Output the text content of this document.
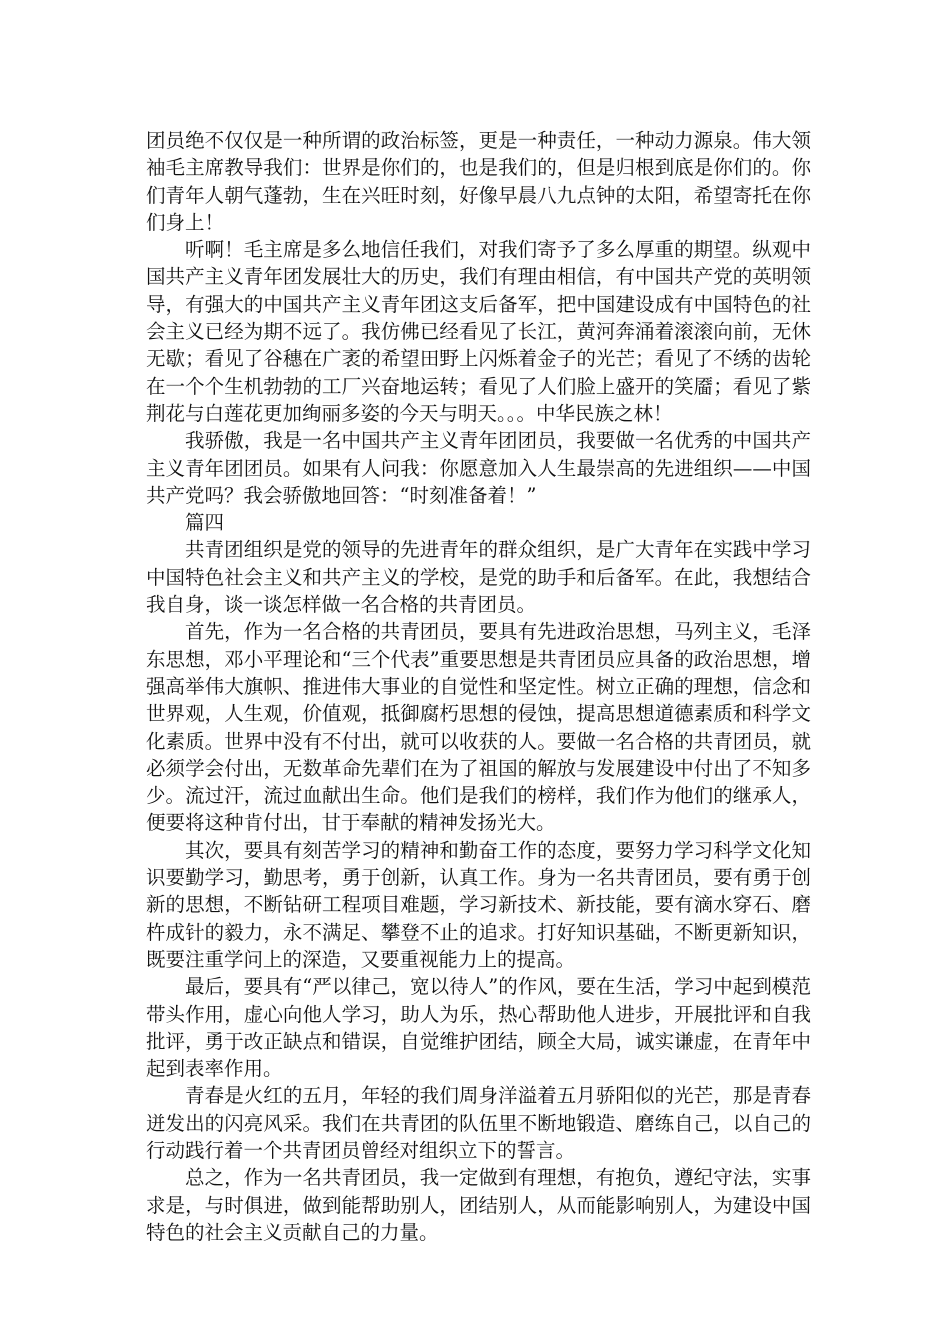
团员绝不仅仅是一种所谓的政治标签，更是一种责任，一种动力源泉。伟大领袖毛主席教导我们：世界是你们的，也是我们的，但是归根到底是你们的。你们青年人朝气蓬勃，生在兴旺时刻，好像早晨八九点钟的太阳，希望寄托在你们身上！

听啊！毛主席是多么地信任我们，对我们寄予了多么厚重的期望。纵观中国共产主义青年团发展壮大的历史，我们有理由相信，有中国共产党的英明领导，有强大的中国共产主义青年团这支后备军，把中国建设成有中国特色的社会主义已经为期不远了。我仿佛已经看见了长江，黄河奔涌着滚滚向前，无休无歇；看见了谷穗在广袤的希望田野上闪烁着金子的光芒；看见了不绣的齿轮在一个个生机勃勃的工厂兴奋地运转；看见了人们脸上盛开的笑靥；看见了紫荆花与白莲花更加绚丽多姿的今天与明天。。。中华民族之林！

我骄傲，我是一名中国共产主义青年团团员，我要做一名优秀的中国共产主义青年团团员。如果有人问我：你愿意加入人生最崇高的先进组织——中国共产党吗？我会骄傲地回答：“时刻准备着！”

篇四

共青团组织是党的领导的先进青年的群众组织，是广大青年在实践中学习中国特色社会主义和共产主义的学校，是党的助手和后备军。在此，我想结合我自身，谈一谈怎样做一名合格的共青团员。

首先，作为一名合格的共青团员，要具有先进政治思想，马列主义，毛泽东思想，邓小平理论和“三个代表”重要思想是共青团员应具备的政治思想，增强高举伟大旗帜、推进伟大事业的自觉性和坚定性。树立正确的理想，信念和世界观，人生观，价值观，抵御腐朽思想的侵蚀，提高思想道德素质和科学文化素质。世界中没有不付出，就可以收获的人。要做一名合格的共青团员，就必须学会付出，无数革命先辈们在为了祖国的解放与发展建设中付出了不知多少。流过汗，流过血献出生命。他们是我们的榜样，我们作为他们的继承人，便要将这种肯付出，甘于奉献的精神发扬光大。

其次，要具有刻苦学习的精神和勤奋工作的态度，要努力学习科学文化知识要勤学习，勤思考，勇于创新，认真工作。身为一名共青团员，要有勇于创新的思想，不断钻研工程项目难题，学习新技术、新技能，要有滴水穿石、磨杵成针的毅力，永不满足、攀登不止的追求。打好知识基础，不断更新知识，既要注重学问上的深造，又要重视能力上的提高。

最后，要具有“严以律己，宽以待人”的作风，要在生活，学习中起到模范带头作用，虚心向他人学习，助人为乐，热心帮助他人进步，开展批评和自我批评，勇于改正缺点和错误，自觉维护团结，顾全大局，诚实谦虚，在青年中起到表率作用。

青春是火红的五月，年轻的我们周身洋溢着五月骄阳似的光芒，那是青春迸发出的闪亮风采。我们在共青团的队伍里不断地锻造、磨练自己，以自己的行动践行着一个共青团员曾经对组织立下的誓言。

总之，作为一名共青团员，我一定做到有理想，有抱负，遵纪守法，实事求是，与时俱进，做到能帮助别人，团结别人，从而能影响别人，为建设中国特色的社会主义贡献自己的力量。
